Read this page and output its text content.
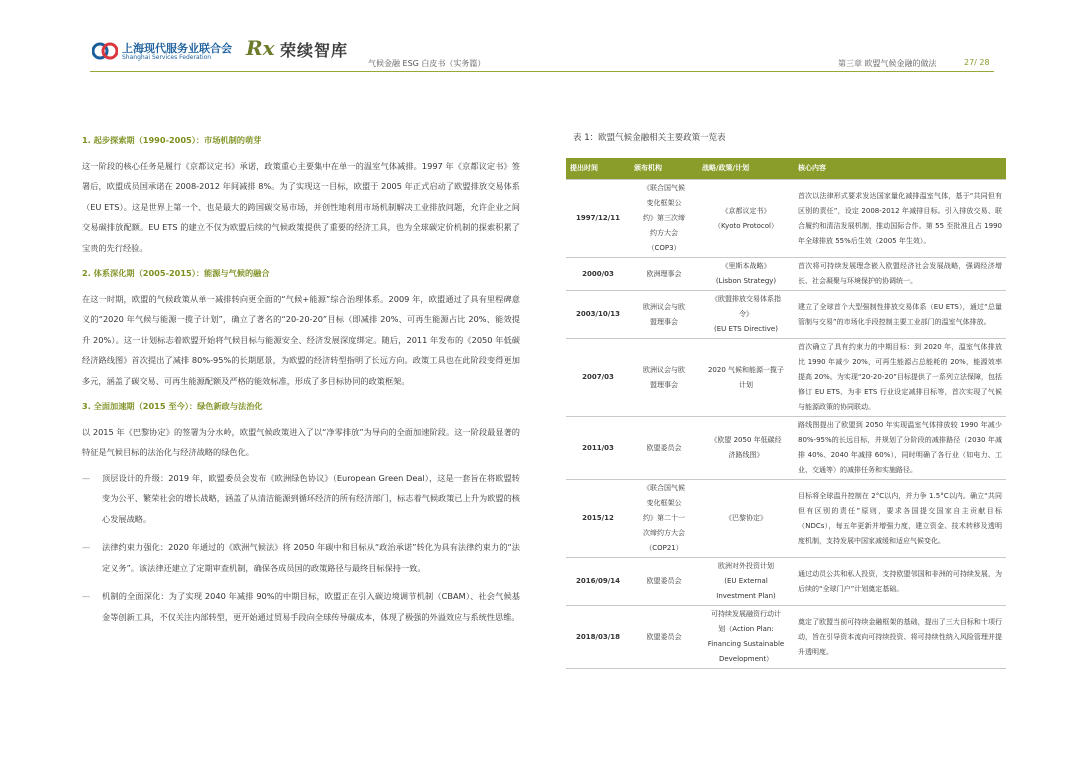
上海现代服务业联合会
Shanghai Services Federation Rx 荣续智库
气候金融 ESG 白皮书（实务篇）	第三章 欧盟气候金融的做法	27/ 28

1. 起步探索期（1990-2005）：市场机制的萌芽

这一阶段的核心任务是履行《京都议定书》承诺，政策重心主要集中在单一的温室气体减排。1997 年《京都议定书》签署后，欧盟成员国承诺在 2008-2012 年间减排 8%。为了实现这一目标，欧盟于 2005 年正式启动了欧盟排放交易体系（EU ETS）。这是世界上第一个、也是最大的跨国碳交易市场，并创性地利用市场机制解决工业排放问题，允许企业之间交易碳排放配额。EU ETS 的建立不仅为欧盟后续的气候政策提供了重要的经济工具，也为全球碳定价机制的探索积累了宝贵的先行经验。

2. 体系深化期（2005-2015）：能源与气候的融合

在这一时期，欧盟的气候政策从单一减排转向更全面的“气候+能源”综合治理体系。2009 年，欧盟通过了具有里程碑意义的“2020 年气候与能源一揽子计划”，确立了著名的“20-20-20”目标（即减排 20%、可再生能源占比 20%、能效提升 20%）。这一计划标志着欧盟开始将气候目标与能源安全、经济发展深度绑定。随后，2011 年发布的《2050 年低碳经济路线图》首次提出了减排 80%-95%的长期愿景，为欧盟的经济转型指明了长远方向。政策工具也在此阶段变得更加多元，涵盖了碳交易、可再生能源配额及严格的能效标准，形成了多目标协同的政策框架。

3. 全面加速期（2015 至今）：绿色新政与法治化

以 2015 年《巴黎协定》的签署为分水岭，欧盟气候政策进入了以“净零排放”为导向的全面加速阶段。这一阶段最显著的特征是气候目标的法治化与经济战略的绿色化。

— 顶层设计的升级：2019 年，欧盟委员会发布《欧洲绿色协议》（European Green Deal），这是一套旨在将欧盟转变为公平、繁荣社会的增长战略，涵盖了从清洁能源到循环经济的所有经济部门，标志着气候政策已上升为欧盟的核心发展战略。

— 法律约束力强化：2020 年通过的《欧洲气候法》将 2050 年碳中和目标从“政治承诺”转化为具有法律约束力的“法定义务”。该法律还建立了定期审查机制，确保各成员国的政策路径与最终目标保持一致。

— 机制的全面深化：为了实现 2040 年减排 90%的中期目标，欧盟正在引入碳边境调节机制（CBAM）、社会气候基金等创新工具，不仅关注内部转型，更开始通过贸易手段向全球传导碳成本，体现了极强的外溢效应与系统性思维。

表 1：欧盟气候金融相关主要政策一览表
提出时间	颁布机构	战略/政策/计划	核心内容
1997/12/11	《联合国气候
变化框架公
约》第三次缔
约方大会
（COP3）	《京都议定书》
（Kyoto Protocol）	首次以法律形式要求发达国家量化减排温室气体，基于“共同但有区别的责任”，设定 2008-2012 年减排目标。引入排放交易、联合履约和清洁发展机制，推动国际合作。第 55 至批准且占 1990 年全球排放 55%后生效（2005 年生效）。
2000/03	欧洲理事会	《里斯本战略》
(Lisbon Strategy)	首次将可持续发展理念嵌入欧盟经济社会发展战略，强调经济增长、社会凝聚与环境保护的协调统一。
2003/10/13	欧洲议会与欧
盟理事会	《欧盟排放交易体系指
令》
(EU ETS Directive)	建立了全球首个大型强制性排放交易体系（EU ETS），通过“总量管制与交易”的市场化手段控制主要工业部门的温室气体排放。
2007/03	欧洲议会与欧
盟理事会	2020 气候和能源一揽子
计划	首次确立了具有约束力的中期目标：到 2020 年，温室气体排放比 1990 年减少 20%，可再生能源占总能耗的 20%，能源效率提高 20%。为实现“20-20-20”目标提供了一系列立法保障，包括修订 EU ETS、为非 ETS 行业设定减排目标等，首次实现了气候与能源政策的协同联动。
2011/03	欧盟委员会	《欧盟 2050 年低碳经
济路线图》	路线图提出了欧盟到 2050 年实现温室气体排放较 1990 年减少 80%-95%的长远目标，并规划了分阶段的减排路径（2030 年减排 40%、2040 年减排 60%），同时明确了各行业（如电力、工业、交通等）的减排任务和实施路径。
2015/12	《联合国气候
变化框架公
约》第二十一
次缔约方大会
（COP21）	《巴黎协定》	目标将全球温升控制在 2°C以内，并力争 1.5°C以内。确立“共同但有区别的责任”原则，要求各国提交国家自主贡献目标（NDCs），每五年更新并增强力度，建立资金、技术转移及透明度机制，支持发展中国家减缓和适应气候变化。
2016/09/14	欧盟委员会	欧洲对外投资计划
(EU External
Investment Plan)	通过动员公共和私人投资，支持欧盟邻国和非洲的可持续发展，为后续的“全球门户”计划奠定基础。
2018/03/18	欧盟委员会	可持续发展融资行动计
划（Action Plan:
Financing Sustainable
Development）	奠定了欧盟当前可持续金融框架的基础，提出了三大目标和十项行动，旨在引导资本流向可持续投资、将可持续性纳入风险管理并提升透明度。
